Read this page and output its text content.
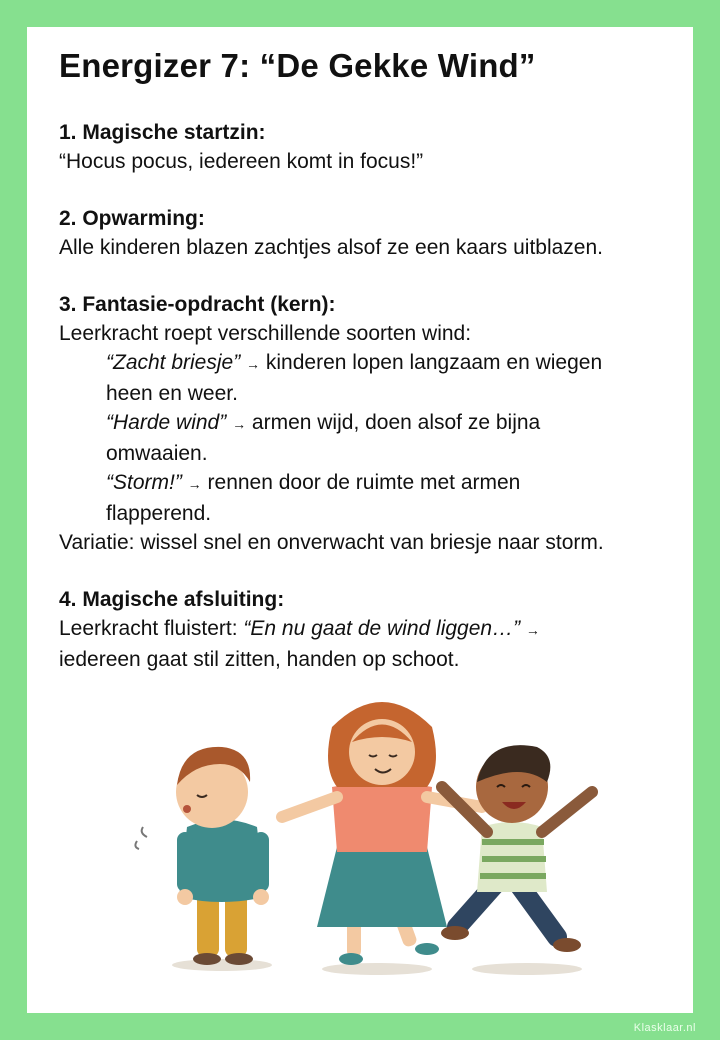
Energizer 7: “De Gekke Wind”
1. Magische startzin:
“Hocus pocus, iedereen komt in focus!”
2. Opwarming:
Alle kinderen blazen zachtjes alsof ze een kaars uitblazen.
3. Fantasie-opdracht (kern):
Leerkracht roept verschillende soorten wind:
“Zacht briesje” → kinderen lopen langzaam en wiegen
heen en weer.
“Harde wind” → armen wijd, doen alsof ze bijna
omwaaien.
“Storm!” → rennen door de ruimte met armen
flapperend.
Variatie: wissel snel en onverwacht van briesje naar storm.
4. Magische afsluiting:
Leerkracht fluistert: “En nu gaat de wind liggen…” →
iedereen gaat stil zitten, handen op schoot.
Klasklaar.nl
